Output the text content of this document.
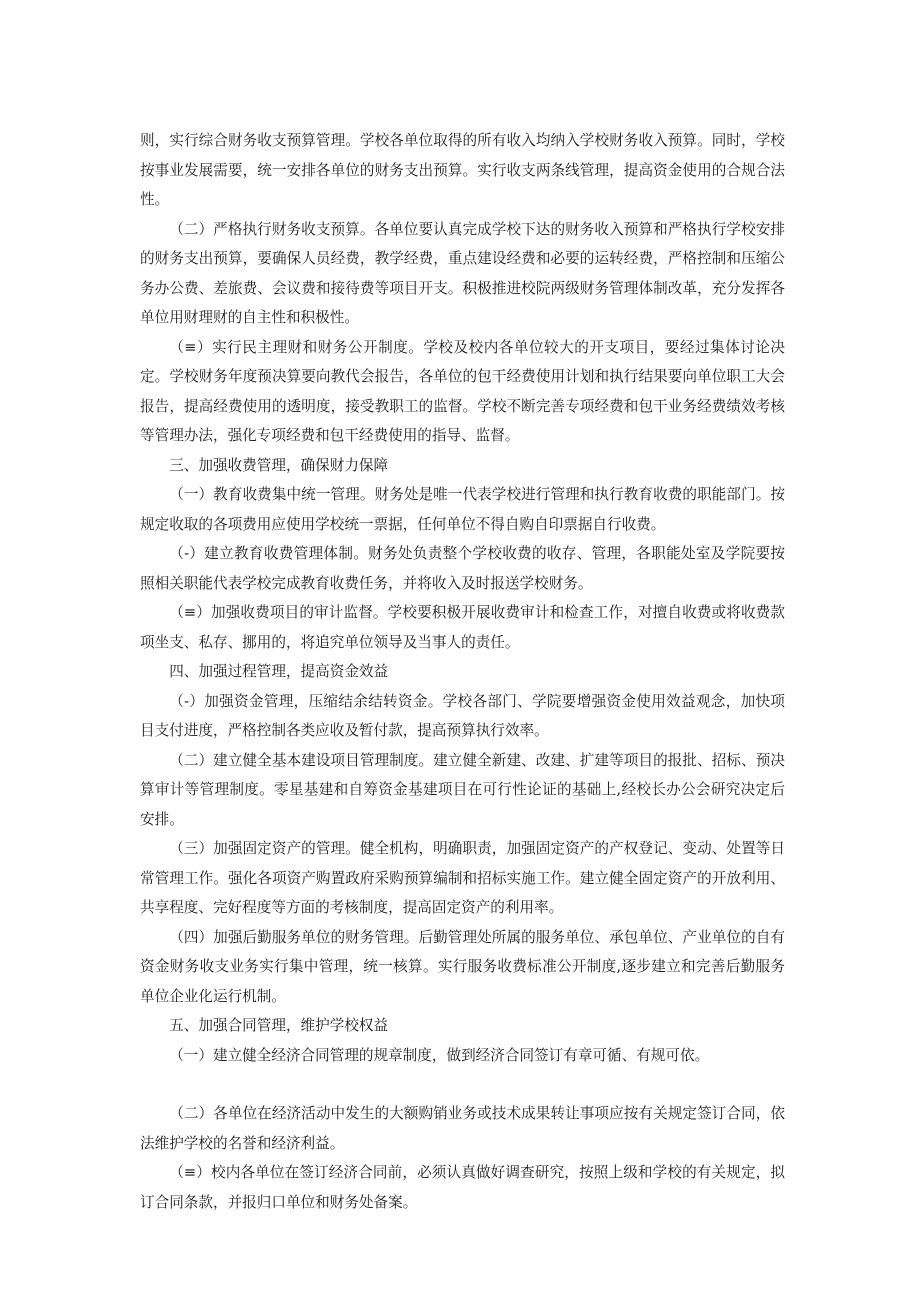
则，实行综合财务收支预算管理。学校各单位取得的所有收入均纳入学校财务收入预算。同时，学校按事业发展需要，统一安排各单位的财务支出预算。实行收支两条线管理，提高资金使用的合规合法性。

（二）严格执行财务收支预算。各单位要认真完成学校下达的财务收入预算和严格执行学校安排的财务支出预算，要确保人员经费，教学经费，重点建设经费和必要的运转经费，严格控制和压缩公务办公费、差旅费、会议费和接待费等项目开支。积极推进校院两级财务管理体制改革，充分发挥各单位用财理财的自主性和积极性。

（≡）实行民主理财和财务公开制度。学校及校内各单位较大的开支项目，要经过集体讨论决定。学校财务年度预决算要向教代会报告，各单位的包干经费使用计划和执行结果要向单位职工大会报告，提高经费使用的透明度，接受教职工的监督。学校不断完善专项经费和包干业务经费绩效考核等管理办法，强化专项经费和包干经费使用的指导、监督。

三、加强收费管理，确保财力保障

（一）教育收费集中统一管理。财务处是唯一代表学校进行管理和执行教育收费的职能部门。按规定收取的各项费用应使用学校统一票据，任何单位不得自购自印票据自行收费。

（-）建立教育收费管理体制。财务处负责整个学校收费的收存、管理，各职能处室及学院要按照相关职能代表学校完成教育收费任务，并将收入及时报送学校财务。

（≡）加强收费项目的审计监督。学校要积极开展收费审计和检查工作，对擅自收费或将收费款项坐支、私存、挪用的，将追究单位领导及当事人的责任。

四、加强过程管理，提高资金效益

（-）加强资金管理，压缩结余结转资金。学校各部门、学院要增强资金使用效益观念，加快项目支付进度，严格控制各类应收及暂付款，提高预算执行效率。

（二）建立健全基本建设项目管理制度。建立健全新建、改建、扩建等项目的报批、招标、预决算审计等管理制度。零星基建和自筹资金基建项目在可行性论证的基础上,经校长办公会研究决定后安排。

（三）加强固定资产的管理。健全机构，明确职责，加强固定资产的产权登记、变动、处置等日常管理工作。强化各项资产购置政府采购预算编制和招标实施工作。建立健全固定资产的开放利用、共享程度、完好程度等方面的考核制度，提高固定资产的利用率。

（四）加强后勤服务单位的财务管理。后勤管理处所属的服务单位、承包单位、产业单位的自有资金财务收支业务实行集中管理，统一核算。实行服务收费标准公开制度,逐步建立和完善后勤服务单位企业化运行机制。

五、加强合同管理，维护学校权益

（一）建立健全经济合同管理的规章制度，做到经济合同签订有章可循、有规可依。

（二）各单位在经济活动中发生的大额购销业务或技术成果转让事项应按有关规定签订合同，依法维护学校的名誉和经济利益。

（≡）校内各单位在签订经济合同前，必须认真做好调查研究，按照上级和学校的有关规定，拟订合同条款，并报归口单位和财务处备案。
